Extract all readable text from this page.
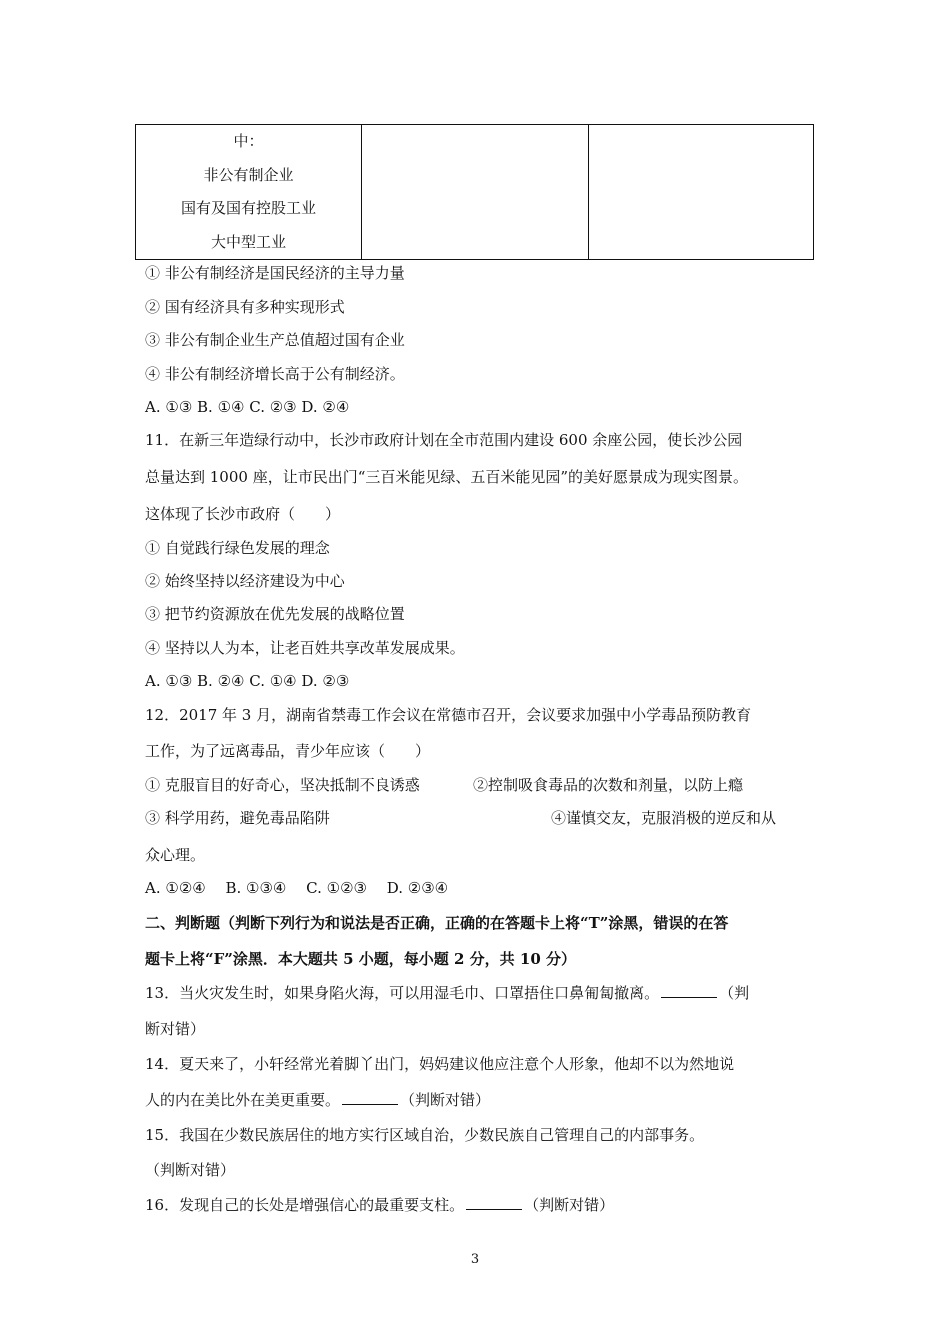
中：
非公有制企业
国有及国有控股工业
大中型工业

① 非公有制经济是国民经济的主导力量
② 国有经济具有多种实现形式
③ 非公有制企业生产总值超过国有企业
④ 非公有制经济增长高于公有制经济。
A. ①③ B. ①④ C. ②③ D. ②④
11．在新三年造绿行动中，长沙市政府计划在全市范围内建设 600 余座公园，使长沙公园
总量达到 1000 座，让市民出门“三百米能见绿、五百米能见园”的美好愿景成为现实图景。
这体现了长沙市政府（　　）
① 自觉践行绿色发展的理念
② 始终坚持以经济建设为中心
③ 把节约资源放在优先发展的战略位置
④ 坚持以人为本，让老百姓共享改革发展成果。
A. ①③ B. ②④ C. ①④ D. ②③
12．2017 年 3 月，湖南省禁毒工作会议在常德市召开，会议要求加强中小学毒品预防教育
工作，为了远离毒品，青少年应该（　　）
① 克服盲目的好奇心，坚决抵制不良诱惑	②控制吸食毒品的次数和剂量，以防上瘾
③ 科学用药，避免毒品陷阱	④谨慎交友，克服消极的逆反和从
众心理。
A. ①②④　 B. ①③④　 C. ①②③　 D. ②③④
二、判断题（判断下列行为和说法是否正确，正确的在答题卡上将“T”涂黑，错误的在答
题卡上将“F”涂黑．本大题共 5 小题，每小题 2 分，共 10 分）
13．当火灾发生时，如果身陷火海，可以用湿毛巾、口罩捂住口鼻匍匐撤离。	（判
断对错）
14．夏天来了，小轩经常光着脚丫出门，妈妈建议他应注意个人形象，他却不以为然地说
人的内在美比外在美更重要。	（判断对错）
15．我国在少数民族居住的地方实行区域自治，少数民族自己管理自己的内部事务。
（判断对错）
16．发现自己的长处是增强信心的最重要支柱。	（判断对错）
3
